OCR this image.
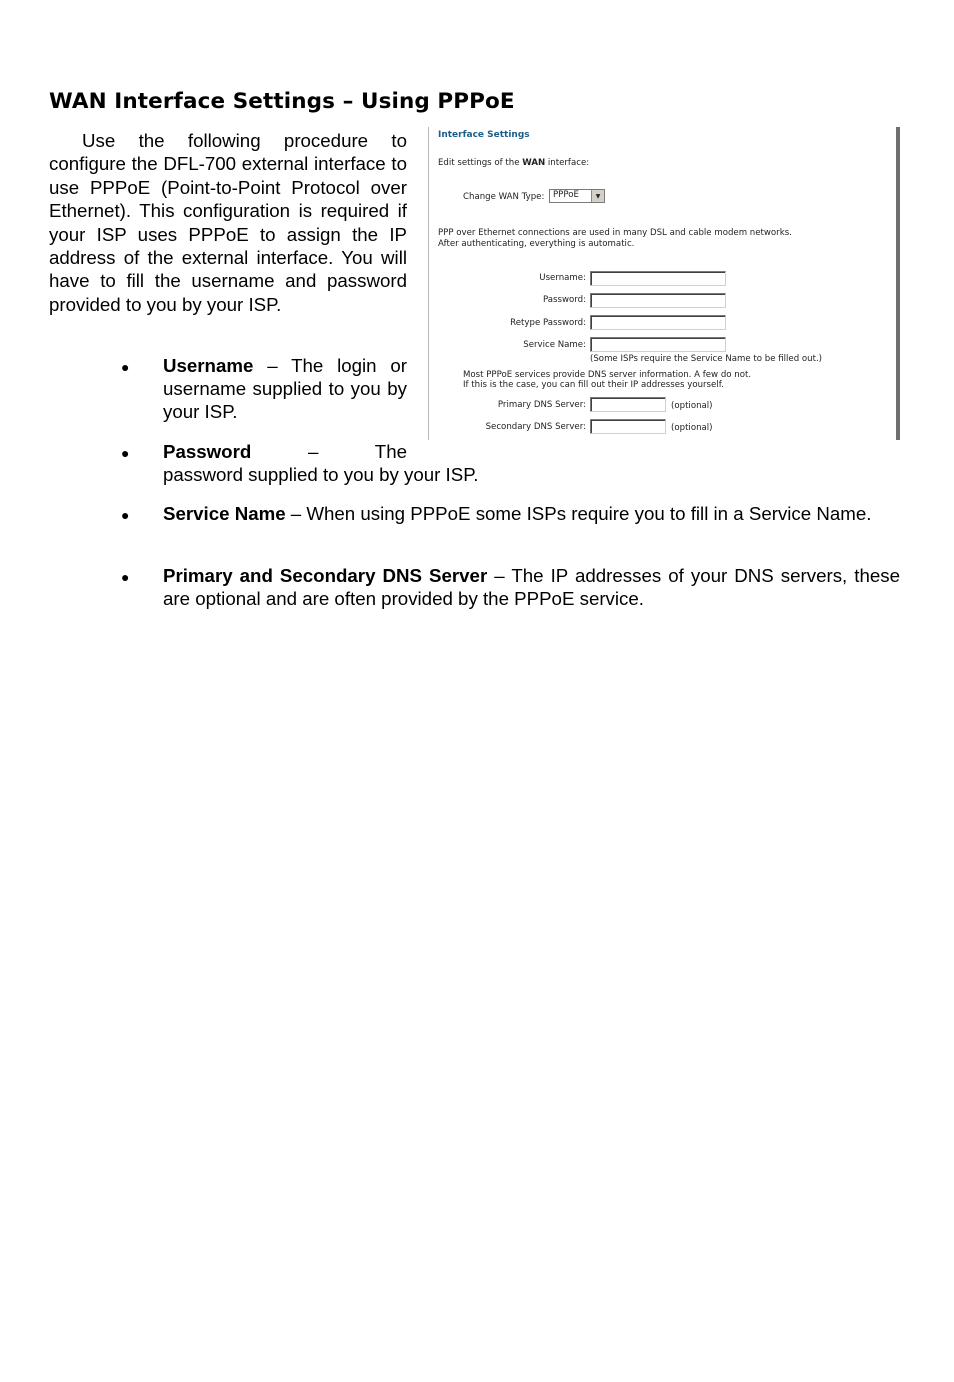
WAN Interface Settings – Using PPPoE

Use the following procedure to configure the DFL-700 external interface to use PPPoE (Point-to-Point Protocol over Ethernet). This configuration is required if your ISP uses PPPoE to assign the IP address of the external interface. You will have to fill the username and password provided to you by your ISP.

● Username – The login or username supplied to you by your ISP.

● Password – The

password supplied to you by your ISP.

● Service Name – When using PPPoE some ISPs require you to fill in a Service Name.

● Primary and Secondary DNS Server – The IP addresses of your DNS servers, these are optional and are often provided by the PPPoE service.

Interface Settings
Edit settings of the WAN interface:
Change WAN Type: PPPoE	▼
PPP over Ethernet connections are used in many DSL and cable modem networks.
After authenticating, everything is automatic.
Username:
Password:
Retype Password:
Service Name:
(Some ISPs require the Service Name to be filled out.)
Most PPPoE services provide DNS server information. A few do not.
If this is the case, you can fill out their IP addresses yourself.
Primary DNS Server:	(optional)
Secondary DNS Server:	(optional)
